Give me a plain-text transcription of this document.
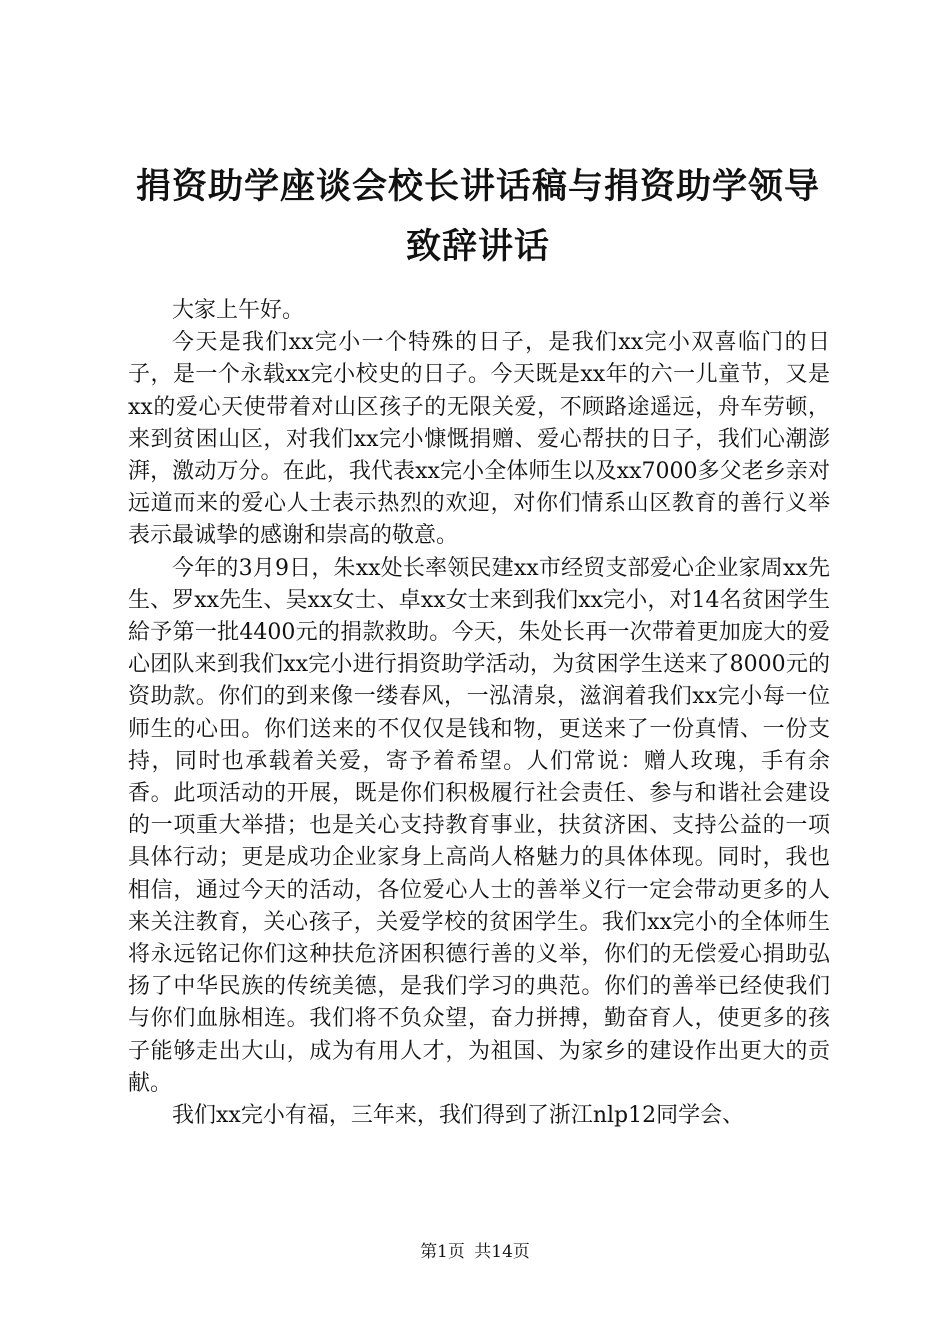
捐资助学座谈会校长讲话稿与捐资助学领导致辞讲话

大家上午好。

今天是我们xx完小一个特殊的日子，是我们xx完小双喜临门的日子，是一个永载xx完小校史的日子。今天既是xx年的六一儿童节，又是xx的爱心天使带着对山区孩子的无限关爱，不顾路途遥远，舟车劳顿，来到贫困山区，对我们xx完小慷慨捐赠、爱心帮扶的日子，我们心潮澎湃，激动万分。在此，我代表xx完小全体师生以及xx7000多父老乡亲对远道而来的爱心人士表示热烈的欢迎，对你们情系山区教育的善行义举表示最诚挚的感谢和崇高的敬意。

今年的3月9日，朱xx处长率领民建xx市经贸支部爱心企业家周xx先生、罗xx先生、吴xx女士、卓xx女士来到我们xx完小，对14名贫困学生給予第一批4400元的捐款救助。今天，朱处长再一次带着更加庞大的爱心团队来到我们xx完小进行捐资助学活动，为贫困学生送来了8000元的资助款。你们的到来像一缕春风，一泓清泉，滋润着我们xx完小每一位师生的心田。你们送来的不仅仅是钱和物，更送来了一份真情、一份支持，同时也承载着关爱，寄予着希望。人们常说：赠人玫瑰，手有余香。此项活动的开展，既是你们积极履行社会责任、参与和谐社会建设的一项重大举措；也是关心支持教育事业，扶贫济困、支持公益的一项具体行动；更是成功企业家身上高尚人格魅力的具体体现。同时，我也相信，通过今天的活动，各位爱心人士的善举义行一定会带动更多的人来关注教育，关心孩子，关爱学校的贫困学生。我们xx完小的全体师生将永远铭记你们这种扶危济困积德行善的义举，你们的无偿爱心捐助弘扬了中华民族的传统美德，是我们学习的典范。你们的善举已经使我们与你们血脉相连。我们将不负众望，奋力拼搏，勤奋育人，使更多的孩子能够走出大山，成为有用人才，为祖国、为家乡的建设作出更大的贡献。

我们xx完小有福，三年来，我们得到了浙江nlp12同学会、

第1页 共14页
